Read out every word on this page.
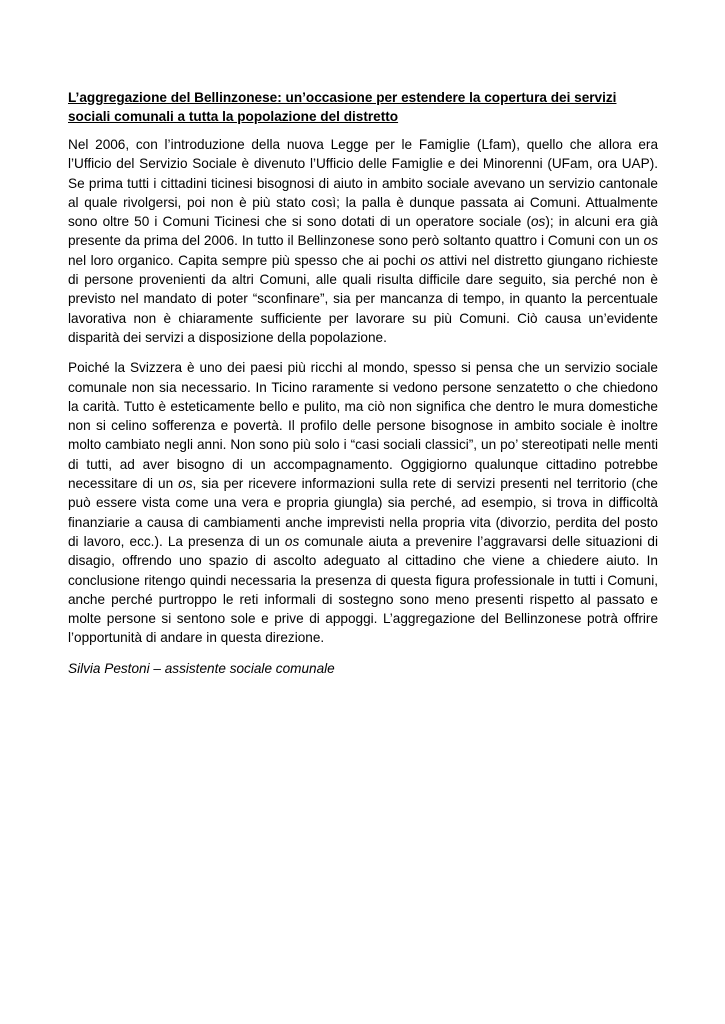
L’aggregazione del Bellinzonese: un’occasione per estendere la copertura dei servizi sociali comunali a tutta la popolazione del distretto

Nel 2006, con l’introduzione della nuova Legge per le Famiglie (Lfam), quello che allora era l’Ufficio del Servizio Sociale è divenuto l’Ufficio delle Famiglie e dei Minorenni (UFam, ora UAP). Se prima tutti i cittadini ticinesi bisognosi di aiuto in ambito sociale avevano un servizio cantonale al quale rivolgersi, poi non è più stato così; la palla è dunque passata ai Comuni. Attualmente sono oltre 50 i Comuni Ticinesi che si sono dotati di un operatore sociale (os); in alcuni era già presente da prima del 2006. In tutto il Bellinzonese sono però soltanto quattro i Comuni con un os nel loro organico. Capita sempre più spesso che ai pochi os attivi nel distretto giungano richieste di persone provenienti da altri Comuni, alle quali risulta difficile dare seguito, sia perché non è previsto nel mandato di poter “sconfinare”, sia per mancanza di tempo, in quanto la percentuale lavorativa non è chiaramente sufficiente per lavorare su più Comuni. Ciò causa un’evidente disparità dei servizi a disposizione della popolazione.

Poiché la Svizzera è uno dei paesi più ricchi al mondo, spesso si pensa che un servizio sociale comunale non sia necessario. In Ticino raramente si vedono persone senzatetto o che chiedono la carità. Tutto è esteticamente bello e pulito, ma ciò non significa che dentro le mura domestiche non si celino sofferenza e povertà. Il profilo delle persone bisognose in ambito sociale è inoltre molto cambiato negli anni. Non sono più solo i “casi sociali classici”, un po’ stereotipati nelle menti di tutti, ad aver bisogno di un accompagnamento. Oggigiorno qualunque cittadino potrebbe necessitare di un os, sia per ricevere informazioni sulla rete di servizi presenti nel territorio (che può essere vista come una vera e propria giungla) sia perché, ad esempio, si trova in difficoltà finanziarie a causa di cambiamenti anche imprevisti nella propria vita (divorzio, perdita del posto di lavoro, ecc.). La presenza di un os comunale aiuta a prevenire l’aggravarsi delle situazioni di disagio, offrendo uno spazio di ascolto adeguato al cittadino che viene a chiedere aiuto. In conclusione ritengo quindi necessaria la presenza di questa figura professionale in tutti i Comuni, anche perché purtroppo le reti informali di sostegno sono meno presenti rispetto al passato e molte persone si sentono sole e prive di appoggi. L’aggregazione del Bellinzonese potrà offrire l’opportunità di andare in questa direzione.

Silvia Pestoni – assistente sociale comunale
